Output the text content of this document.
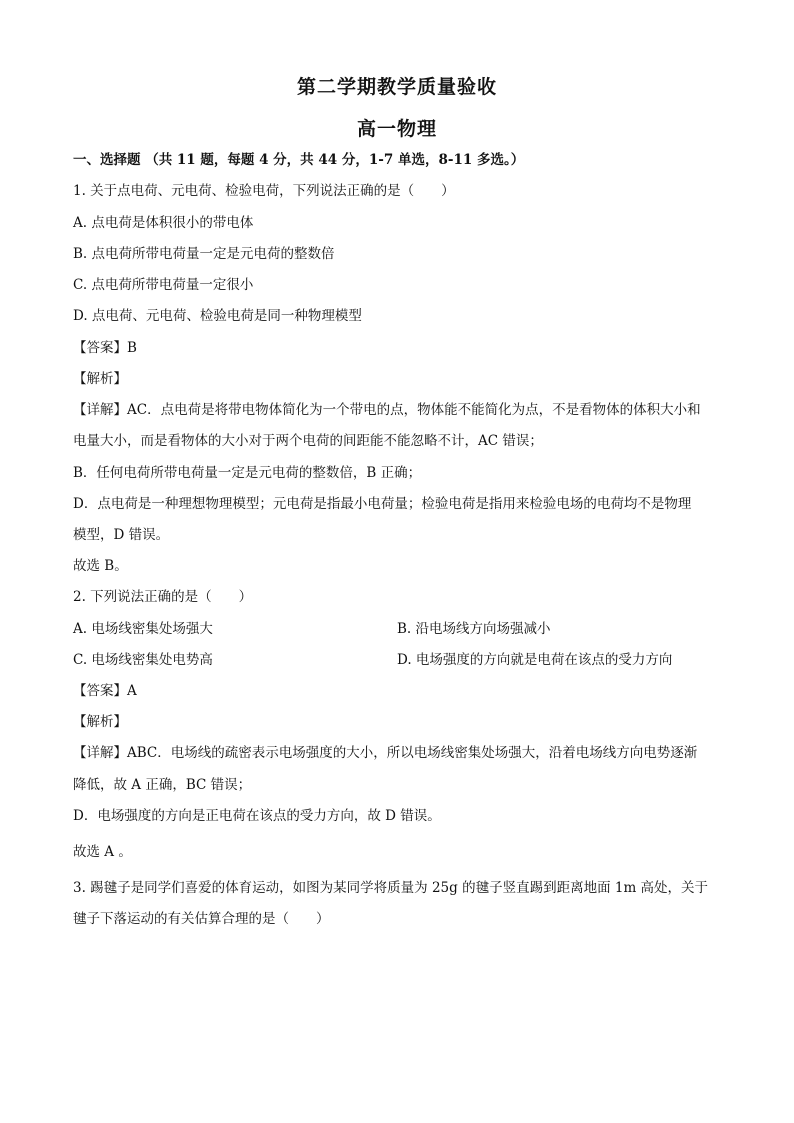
第二学期教学质量验收
高一物理
一、选择题 （共 11 题，每题 4 分，共 44 分，1-7 单选，8-11 多选。）
1. 关于点电荷、元电荷、检验电荷，下列说法正确的是（　　）
A. 点电荷是体积很小的带电体
B. 点电荷所带电荷量一定是元电荷的整数倍
C. 点电荷所带电荷量一定很小
D. 点电荷、元电荷、检验电荷是同一种物理模型
【答案】B
【解析】
【详解】AC．点电荷是将带电物体简化为一个带电的点，物体能不能简化为点，不是看物体的体积大小和
电量大小，而是看物体的大小对于两个电荷的间距能不能忽略不计，AC 错误；
B．任何电荷所带电荷量一定是元电荷的整数倍，B 正确；
D．点电荷是一种理想物理模型；元电荷是指最小电荷量；检验电荷是指用来检验电场的电荷均不是物理
模型，D 错误。
故选 B。
2. 下列说法正确的是（　　）
A. 电场线密集处场强大	B. 沿电场线方向场强减小
C. 电场线密集处电势高	D. 电场强度的方向就是电荷在该点的受力方向
【答案】A
【解析】
【详解】ABC．电场线的疏密表示电场强度的大小，所以电场线密集处场强大，沿着电场线方向电势逐渐
降低，故 A 正确，BC 错误；
D．电场强度的方向是正电荷在该点的受力方向，故 D 错误。
故选 A 。
3. 踢毽子是同学们喜爱的体育运动，如图为某同学将质量为 25g 的毽子竖直踢到距离地面 1m 高处，关于
毽子下落运动的有关估算合理的是（　　）
